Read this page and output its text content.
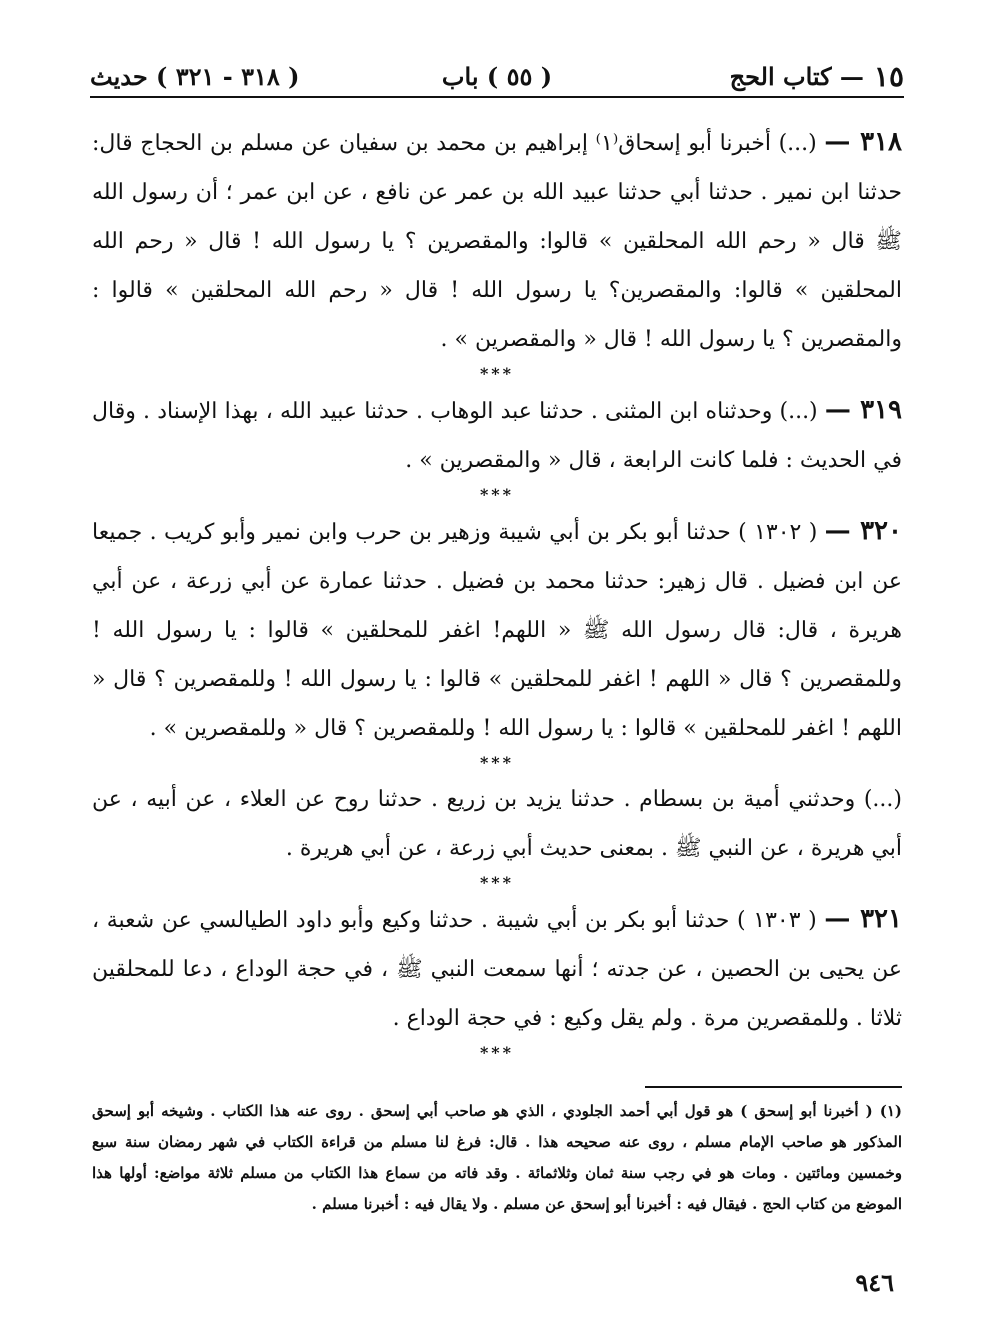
١٥
— كتاب الحج
( ٥٥ ) باب
( ٣١٨ - ٣٢١ ) حديث

٣١٨ — (...) أخبرنا أبو إسحاق⁽١⁾ إبراهيم بن محمد بن سفيان عن مسلم بن الحجاج قال: حدثنا ابن نمير . حدثنا أبي حدثنا عبيد الله بن عمر عن نافع ، عن ابن عمر ؛ أن رسول الله ﷺ قال « رحم الله المحلقين » قالوا: والمقصرين ؟ يا رسول الله ! قال « رحم الله المحلقين » قالوا: والمقصرين؟ يا رسول الله ! قال « رحم الله المحلقين » قالوا : والمقصرين ؟ يا رسول الله ! قال « والمقصرين » .

***

٣١٩ — (...) وحدثناه ابن المثنى . حدثنا عبد الوهاب . حدثنا عبيد الله ، بهذا الإسناد . وقال في الحديث : فلما كانت الرابعة ، قال « والمقصرين » .

***

٣٢٠ — ( ١٣٠٢ ) حدثنا أبو بكر بن أبي شيبة وزهير بن حرب وابن نمير وأبو كريب . جميعا عن ابن فضيل . قال زهير: حدثنا محمد بن فضيل . حدثنا عمارة عن أبي زرعة ، عن أبي هريرة ، قال: قال رسول الله ﷺ « اللهم! اغفر للمحلقين » قالوا : يا رسول الله ! وللمقصرين ؟ قال « اللهم ! اغفر للمحلقين » قالوا : يا رسول الله ! وللمقصرين ؟ قال « اللهم ! اغفر للمحلقين » قالوا : يا رسول الله ! وللمقصرين ؟ قال « وللمقصرين » .

***

(...) وحدثني أمية بن بسطام . حدثنا يزيد بن زريع . حدثنا روح عن العلاء ، عن أبيه ، عن أبي هريرة ، عن النبي ﷺ . بمعنى حديث أبي زرعة ، عن أبي هريرة .

***

٣٢١ — ( ١٣٠٣ ) حدثنا أبو بكر بن أبي شيبة . حدثنا وكيع وأبو داود الطيالسي عن شعبة ، عن يحيى بن الحصين ، عن جدته ؛ أنها سمعت النبي ﷺ ، في حجة الوداع ، دعا للمحلقين ثلاثا . وللمقصرين مرة . ولم يقل وكيع : في حجة الوداع .

***
(١) ( أخبرنا أبو إسحق ) هو قول أبي أحمد الجلودي ، الذي هو صاحب أبي إسحق . روى عنه هذا الكتاب . وشيخه أبو إسحق المذكور هو صاحب الإمام مسلم ، روى عنه صحيحه هذا . قال: فرغ لنا مسلم من قراءة الكتاب في شهر رمضان سنة سبع وخمسين ومائتين . ومات هو في رجب سنة ثمان وثلاثمائة . وقد فاته من سماع هذا الكتاب من مسلم ثلاثة مواضع: أولها هذا الموضع من كتاب الحج . فيقال فيه : أخبرنا أبو إسحق عن مسلم . ولا يقال فيه : أخبرنا مسلم .
٩٤٦
